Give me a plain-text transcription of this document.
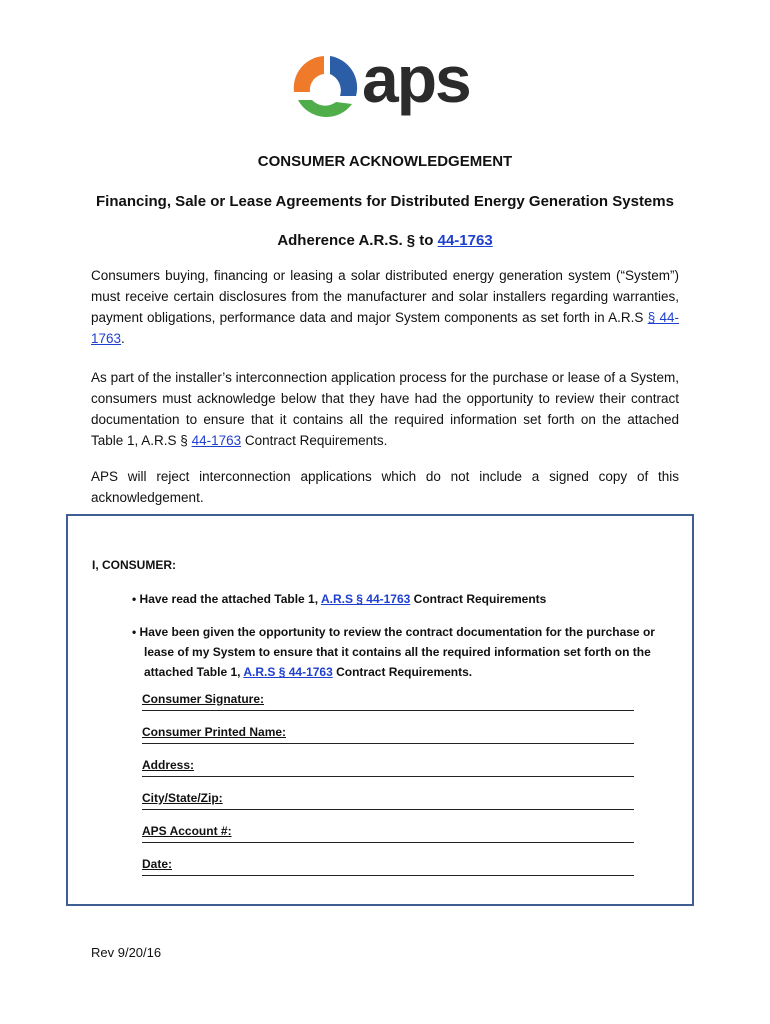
aps
CONSUMER ACKNOWLEDGEMENT
Financing, Sale or Lease Agreements for Distributed Energy Generation Systems
Adherence A.R.S. § to 44-1763
Consumers buying, financing or leasing a solar distributed energy generation system (“System”) must receive certain disclosures from the manufacturer and solar installers regarding warranties, payment obligations, performance data and major System components as set forth in A.R.S § 44-1763.
As part of the installer’s interconnection application process for the purchase or lease of a System, consumers must acknowledge below that they have had the opportunity to review their contract documentation to ensure that it contains all the required information set forth on the attached Table 1, A.R.S § 44-1763 Contract Requirements.
APS will reject interconnection applications which do not include a signed copy of this acknowledgement.
I, CONSUMER:
• Have read the attached Table 1, A.R.S § 44-1763 Contract Requirements
• Have been given the opportunity to review the contract documentation for the purchase or
lease of my System to ensure that it contains all the required information set forth on the
attached Table 1, A.R.S § 44-1763 Contract Requirements.
Consumer Signature:
Consumer Printed Name:
Address:
City/State/Zip:
APS Account #:
Date:
Rev 9/20/16
